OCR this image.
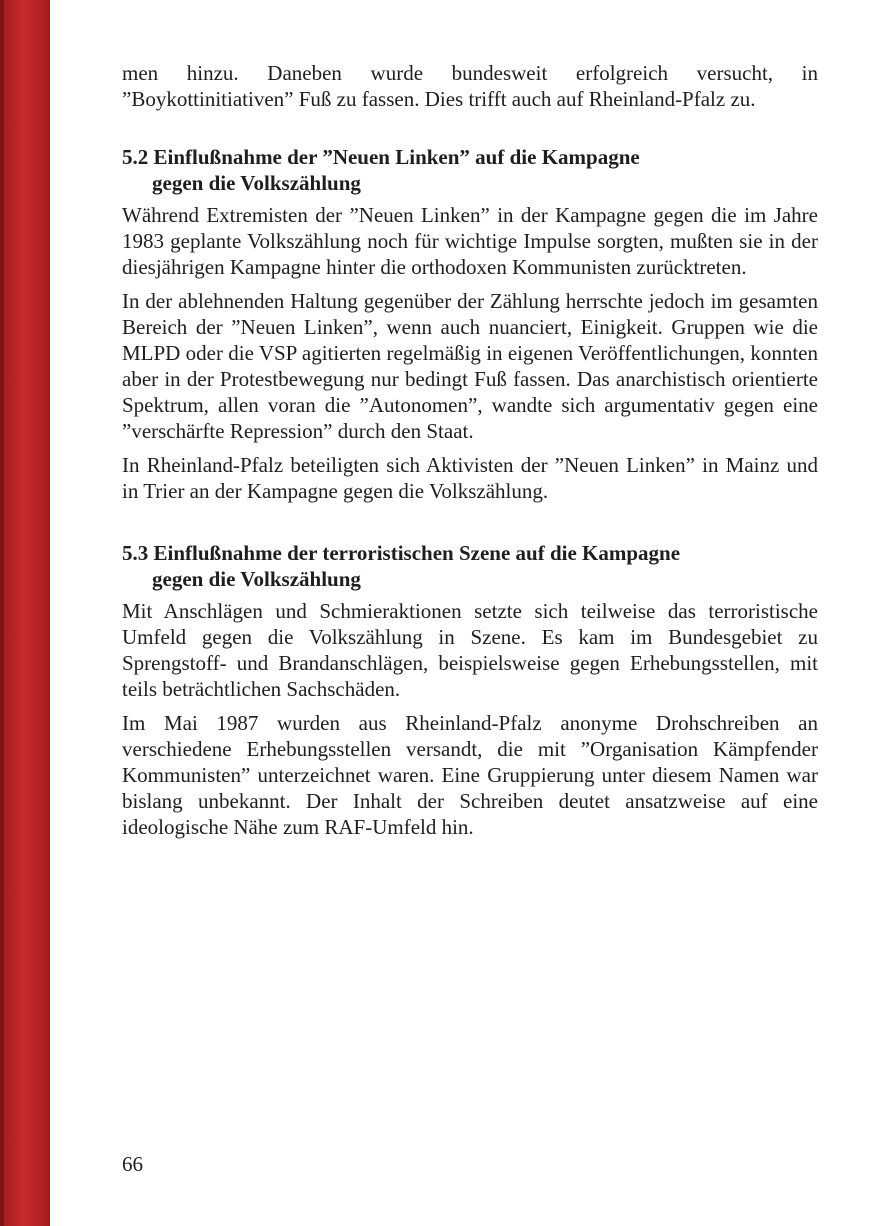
men hinzu. Daneben wurde bundesweit erfolgreich versucht, in ”Boykottinitiativen” Fuß zu fassen. Dies trifft auch auf Rheinland-Pfalz zu.

5.2 Einflußnahme der ”Neuen Linken” auf die Kampagne
gegen die Volkszählung

Während Extremisten der ”Neuen Linken” in der Kampagne gegen die im Jahre 1983 geplante Volkszählung noch für wichtige Impulse sorgten, mußten sie in der diesjährigen Kampagne hinter die orthodoxen Kommunisten zurücktreten.

In der ablehnenden Haltung gegenüber der Zählung herrschte jedoch im gesamten Bereich der ”Neuen Linken”, wenn auch nuanciert, Einigkeit. Gruppen wie die MLPD oder die VSP agitierten regelmäßig in eigenen Veröffentlichungen, konnten aber in der Protestbewegung nur bedingt Fuß fassen. Das anarchistisch orientierte Spektrum, allen voran die ”Autonomen”, wandte sich argumentativ gegen eine ”verschärfte Repression” durch den Staat.

In Rheinland-Pfalz beteiligten sich Aktivisten der ”Neuen Linken” in Mainz und in Trier an der Kampagne gegen die Volkszählung.

5.3 Einflußnahme der terroristischen Szene auf die Kampagne
gegen die Volkszählung

Mit Anschlägen und Schmieraktionen setzte sich teilweise das terroristische Umfeld gegen die Volkszählung in Szene. Es kam im Bundesgebiet zu Sprengstoff- und Brandanschlägen, beispielsweise gegen Erhebungsstellen, mit teils beträchtlichen Sachschäden.

Im Mai 1987 wurden aus Rheinland-Pfalz anonyme Drohschreiben an verschiedene Erhebungsstellen versandt, die mit ”Organisation Kämpfender Kommunisten” unterzeichnet waren. Eine Gruppierung unter diesem Namen war bislang unbekannt. Der Inhalt der Schreiben deutet ansatzweise auf eine ideologische Nähe zum RAF-Umfeld hin.

66
